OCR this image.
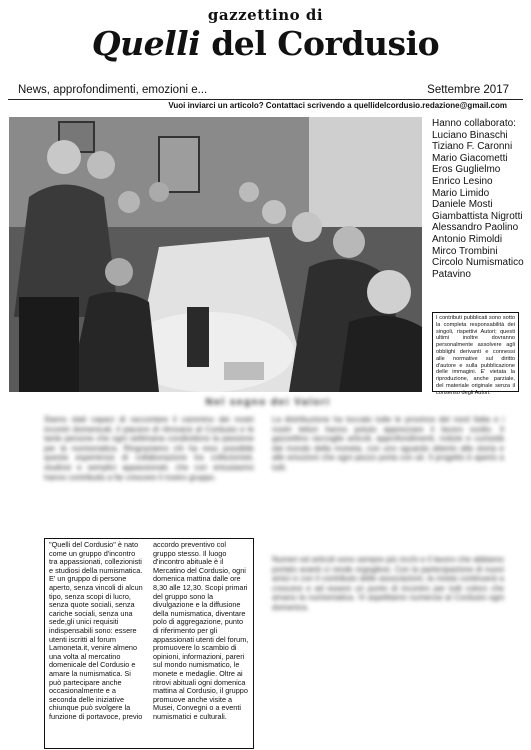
gazzettino di
Quelli del Cordusio
News, approfondimenti, emozioni e...	Settembre 2017
Vuoi inviarci un articolo? Contattaci scrivendo a quellidelcordusio.redazione@gmail.com
Hanno collaborato:
Luciano Binaschi
Tiziano F. Caronni
Mario Giacometti
Eros Guglielmo
Enrico Lesino
Mario Limido
Daniele Mosti
Giambattista Nigrotti
Alessandro Paolino
Antonio Rimoldi
Mirco Trombini
Circolo Numismatico
Patavino
I contributi pubblicati sono sotto la completa responsabilità dei singoli, rispettivi Autori; questi ultimi inoltre dovranno personalmente assolvere agli obblighi derivanti e connessi alle normative sul diritto d'autore e sulla pubblicazione delle immagini. E' vietata la riproduzione, anche parziale, del materiale originale senza il consenso degli Autori.
Nel segno dei Valori
Siamo stati capaci di raccontare il cammino dei nostri incontri domenicali, il piacere di ritrovarsi al Cordusio e le tante persone che ogni settimana condividono la passione per la numismatica. Ringraziamo chi ha reso possibile questa esperienza di collaborazione tra collezionisti, studiosi e semplici appassionati, che con entusiasmo hanno contribuito a far crescere il nostro gruppo.
La distribuzione ha toccato tutte le province del nord Italia e i nostri lettori hanno potuto apprezzare il lavoro svolto. Il gazzettino raccoglie articoli, approfondimenti, notizie e curiosità dal mondo della moneta, con uno sguardo attento alla storia e alle emozioni che ogni pezzo porta con sé. Il progetto è aperto a tutti.
Numeri ed articoli sono sempre più ricchi e il lavoro che abbiamo portato avanti ci rende orgogliosi. Con la partecipazione di nuovi amici e con il contributo delle associazioni, la rivista continuerà a crescere e ad essere un punto di incontro per tutti coloro che amano la numismatica. Vi aspettiamo numerosi al Cordusio ogni domenica.
"Quelli del Cordusio" è nato come un gruppo d'incontro tra appassionati, collezionisti e studiosi della numismatica. E' un gruppo di persone aperto, senza vincoli di alcun tipo, senza scopi di lucro, senza quote sociali, senza cariche sociali, senza una sede,gli unici requisiti indispensabili sono: essere utenti iscritti al forum Lamoneta.it, venire almeno una volta al mercatino domenicale del Cordusio e amare la numismatica. Si può partecipare anche occasionalmente e a seconda delle iniziative chiunque può svolgere la funzione di portavoce, previo accordo preventivo col gruppo stesso. Il luogo d'incontro abituale è il Mercatino del Cordusio, ogni domenica mattina dalle ore 8,30 alle 12,30. Scopi primari del gruppo sono la divulgazione e la diffusione della numismatica, diventare polo di aggregazione, punto di riferimento per gli appassionati utenti del forum, promuovere lo scambio di opinioni, informazioni, pareri sul mondo numismatico, le monete e medaglie. Oltre ai ritrovi abituali ogni domenica mattina al Cordusio, il gruppo promuove anche visite a Musei, Convegni o a eventi numismatici e culturali.
